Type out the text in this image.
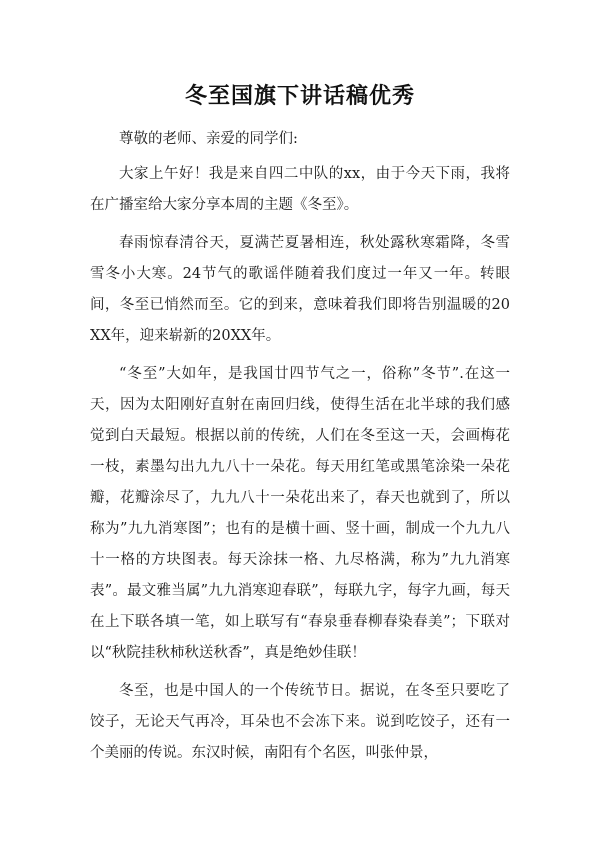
冬至国旗下讲话稿优秀

尊敬的老师、亲爱的同学们:

大家上午好！我是来自四二中队的xx，由于今天下雨，我将在广播室给大家分享本周的主题《冬至》。

春雨惊春清谷天，夏满芒夏暑相连，秋处露秋寒霜降，冬雪雪冬小大寒。24节气的歌谣伴随着我们度过一年又一年。转眼间，冬至已悄然而至。它的到来，意味着我们即将告别温暖的20XX年，迎来崭新的20XX年。

“冬至”大如年，是我国廿四节气之一，俗称”冬节”.在这一天，因为太阳刚好直射在南回归线，使得生活在北半球的我们感觉到白天最短。根据以前的传统，人们在冬至这一天，会画梅花一枝，素墨勾出九九八十一朵花。每天用红笔或黑笔涂染一朵花瓣，花瓣涂尽了，九九八十一朵花出来了，春天也就到了，所以称为”九九消寒图”；也有的是横十画、竖十画，制成一个九九八十一格的方块图表。每天涂抹一格、九尽格满，称为”九九消寒表”。最文雅当属”九九消寒迎春联”，每联九字，每字九画，每天在上下联各填一笔，如上联写有“春泉垂春柳春染春美”；下联对以“秋院挂秋柿秋送秋香”，真是绝妙佳联！

冬至，也是中国人的一个传统节日。据说，在冬至只要吃了饺子，无论天气再冷，耳朵也不会冻下来。说到吃饺子，还有一个美丽的传说。东汉时候，南阳有个名医，叫张仲景，
